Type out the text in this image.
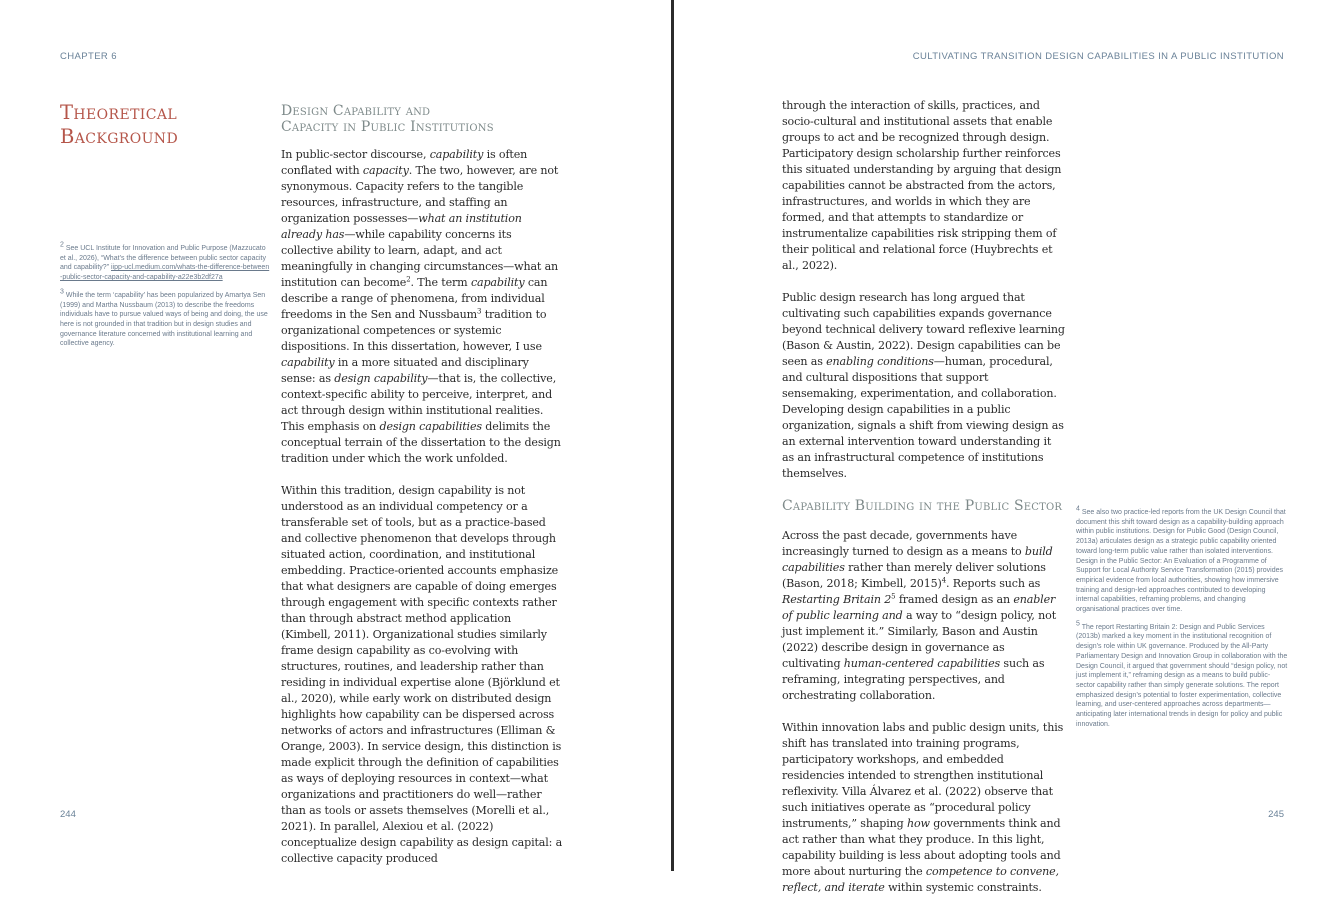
CHAPTER 6
Theoretical
Background
Design Capability and
Capacity in Public Institutions

$^2$ See UCL Institute for Innovation and Public Purpose (Mazzucato et al., 2026), “What’s the difference between public sector capacity and capability?” iipp-ucl.medium.com/whats-the-difference-between-public-sector-capacity-and-capability-a22e3b2df27a

$^3$ While the term ‘capability’ has been popularized by Amartya Sen (1999) and Martha Nussbaum (2013) to describe the freedoms individuals have to pursue valued ways of being and doing, the use here is not grounded in that tradition but in design studies and governance literature concerned with institutional learning and collective agency.

In public-sector discourse, capability is often conflated with capacity. The two, however, are not synonymous. Capacity refers to the tangible resources, infrastructure, and staffing an organization possesses—what an institution already has—while capability concerns its collective ability to learn, adapt, and act meaningfully in changing circumstances—what an institution can become$^2$. The term capability can describe a range of phenomena, from individual freedoms in the Sen and Nussbaum$^3$ tradition to organizational competences or systemic dispositions. In this dissertation, however, I use capability in a more situated and disciplinary sense: as design capability—that is, the collective, context-specific ability to perceive, interpret, and act through design within institutional realities. This emphasis on design capabilities delimits the conceptual terrain of the dissertation to the design tradition under which the work unfolded.

Within this tradition, design capability is not understood as an individual competency or a transferable set of tools, but as a practice-based and collective phenomenon that develops through situated action, coordination, and institutional embedding. Practice-oriented accounts emphasize that what designers are capable of doing emerges through engagement with specific contexts rather than through abstract method application (Kimbell, 2011). Organizational studies similarly frame design capability as co-evolving with structures, routines, and leadership rather than residing in individual expertise alone (Björklund et al., 2020), while early work on distributed design highlights how capability can be dispersed across networks of actors and infrastructures (Elliman & Orange, 2003). In service design, this distinction is made explicit through the definition of capabilities as ways of deploying resources in context—what organizations and practitioners do well—rather than as tools or assets themselves (Morelli et al., 2021). In parallel, Alexiou et al. (2022) conceptualize design capability as design capital: a collective capacity produced

244
CULTIVATING TRANSITION DESIGN CAPABILITIES IN A PUBLIC INSTITUTION

through the interaction of skills, practices, and socio-cultural and institutional assets that enable groups to act and be recognized through design. Participatory design scholarship further reinforces this situated understanding by arguing that design capabilities cannot be abstracted from the actors, infrastructures, and worlds in which they are formed, and that attempts to standardize or instrumentalize capabilities risk stripping them of their political and relational force (Huybrechts et al., 2022).

Public design research has long argued that cultivating such capabilities expands governance beyond technical delivery toward reflexive learning (Bason & Austin, 2022). Design capabilities can be seen as enabling conditions—human, procedural, and cultural dispositions that support sensemaking, experimentation, and collaboration. Developing design capabilities in a public organization, signals a shift from viewing design as an external intervention toward understanding it as an infrastructural competence of institutions themselves.

Capability Building in the Public Sector

Across the past decade, governments have increasingly turned to design as a means to build capabilities rather than merely deliver solutions (Bason, 2018; Kimbell, 2015)$^4$. Reports such as Restarting Britain $2^5$ framed design as an enabler of public learning and a way to “design policy, not just implement it.” Similarly, Bason and Austin (2022) describe design in governance as cultivating human-centered capabilities such as reframing, integrating perspectives, and orchestrating collaboration.

Within innovation labs and public design units, this shift has translated into training programs, participatory workshops, and embedded residencies intended to strengthen institutional reflexivity. Villa Álvarez et al. (2022) observe that such initiatives operate as “procedural policy instruments,” shaping how governments think and act rather than what they produce. In this light, capability building is less about adopting tools and more about nurturing the competence to convene, reflect, and iterate within systemic constraints.

$^4$ See also two practice-led reports from the UK Design Council that document this shift toward design as a capability-building approach within public institutions. Design for Public Good (Design Council, 2013a) articulates design as a strategic public capability oriented toward long-term public value rather than isolated interventions. Design in the Public Sector: An Evaluation of a Programme of Support for Local Authority Service Transformation (2015) provides empirical evidence from local authorities, showing how immersive training and design-led approaches contributed to developing internal capabilities, reframing problems, and changing organisational practices over time.

$^5$ The report Restarting Britain 2: Design and Public Services (2013b) marked a key moment in the institutional recognition of design’s role within UK governance. Produced by the All-Party Parliamentary Design and Innovation Group in collaboration with the Design Council, it argued that government should “design policy, not just implement it,” reframing design as a means to build public-sector capability rather than simply generate solutions. The report emphasized design’s potential to foster experimentation, collective learning, and user-centered approaches across departments—anticipating later international trends in design for policy and public innovation.

245
